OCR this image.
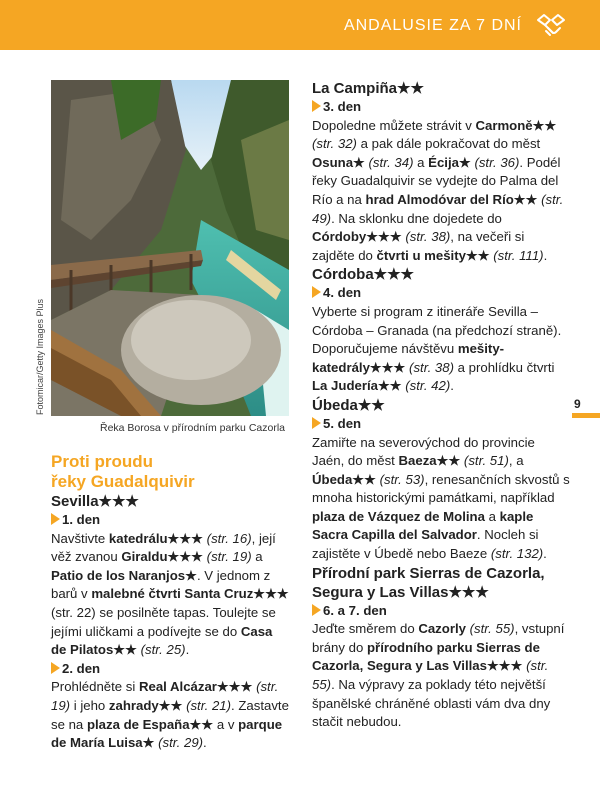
ANDALUSIE ZA 7 DNÍ
9
Fotomicar/Getty Images Plus
Řeka Borosa v přírodním parku Cazorla

Proti proudu
řeky Guadalquivir

Sevilla★★★

1. den

Navštivte katedrálu★★★ (str. 16), její věž zvanou Giraldu★★★ (str. 19) a Patio de los Naranjos★. V jednom z barů v malebné čtvrti Santa Cruz★★★ (str. 22) se posilněte tapas. Toulejte se jejími uličkami a podívejte se do Casa de Pilatos★★ (str. 25).

2. den

Prohlédněte si Real Alcázar★★★ (str. 19) i jeho zahrady★★ (str. 21). Zastavte se na plaza de España★★ a v parque de María Luisa★ (str. 29).

La Campiña★★

3. den

Dopoledne můžete strávit v Carmoně★★ (str. 32) a pak dále pokračovat do měst Osuna★ (str. 34) a Écija★ (str. 36). Podél řeky Guadalquivir se vydejte do Palma del Río a na hrad Almodóvar del Río★★ (str. 49). Na sklonku dne dojedete do Córdoby★★★ (str. 38), na večeři si zajděte do čtvrti u mešity★★ (str. 111).

Córdoba★★★

4. den

Vyberte si program z itineráře Sevilla – Córdoba – Granada (na předchozí straně). Doporučujeme návštěvu mešity-katedrály★★★ (str. 38) a prohlídku čtvrti La Judería★★ (str. 42).

Úbeda★★

5. den

Zamiřte na severovýchod do provincie Jaén, do měst Baeza★★ (str. 51), a Úbeda★★ (str. 53), renesančních skvostů s mnoha historickými památkami, například plaza de Vázquez de Molina a kaple Sacra Capilla del Salvador. Nocleh si zajistěte v Úbedě nebo Baeze (str. 132).

Přírodní park Sierras de Cazorla, Segura y Las Villas★★★

6. a 7. den

Jeďte směrem do Cazorly (str. 55), vstupní brány do přírodního parku Sierras de Cazorla, Segura y Las Villas★★★ (str. 55). Na výpravy za poklady této největší španělské chráněné oblasti vám dva dny stačit nebudou.
